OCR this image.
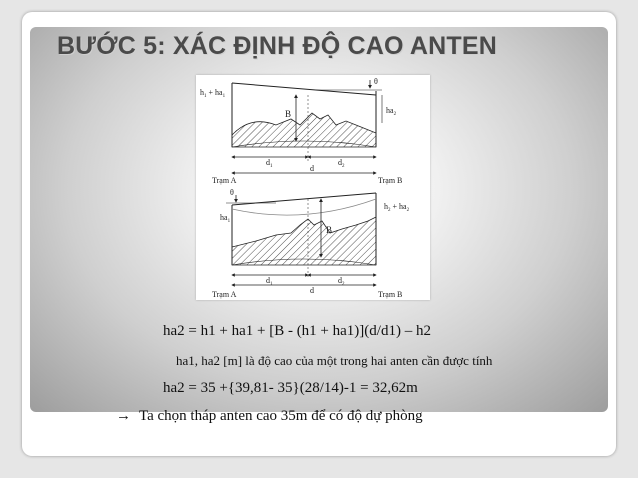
BƯỚC 5: XÁC ĐỊNH ĐỘ CAO ANTEN
$h_1 + ha_1$
θ
$ha_2$
B
$d_1$	$d_2$
d
Trạm A	Trạm B
θ
$ha_1$
$h_2 + ha_2$
B
$d_1$	$d_2$
d
Trạm A	Trạm B
ha2 = h1 + ha1 + [B - (h1 + ha1)](d/d1) – h2
ha1, ha2 [m] là độ cao của một trong hai anten cần được tính
ha2 = 35 +{39,81- 35}(28/14)-1 = 32,62m
→ Ta chọn tháp anten cao 35m để có độ dự phòng
